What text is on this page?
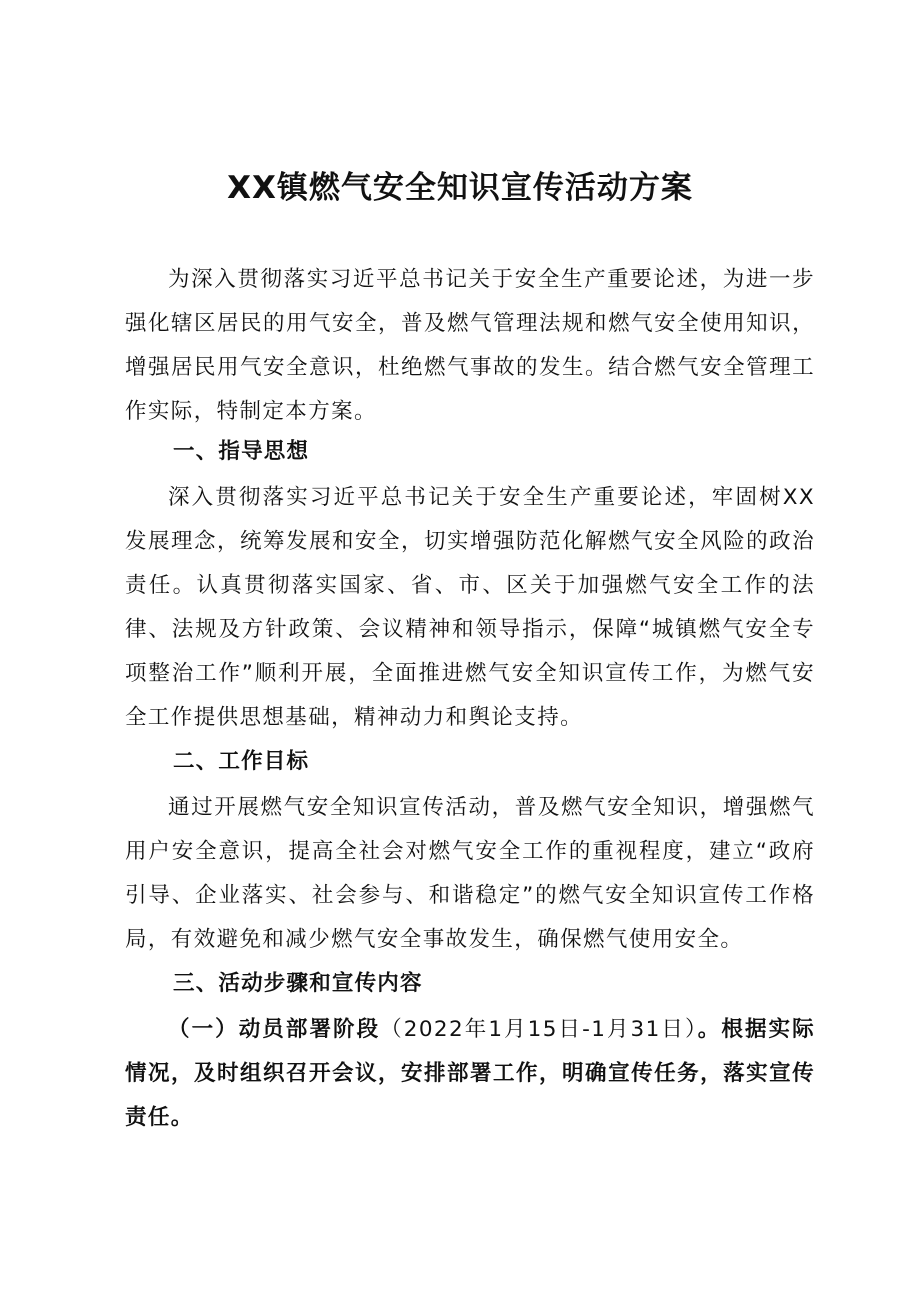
XX镇燃气安全知识宣传活动方案

为深入贯彻落实习近平总书记关于安全生产重要论述，为进一步强化辖区居民的用气安全，普及燃气管理法规和燃气安全使用知识，增强居民用气安全意识，杜绝燃气事故的发生。结合燃气安全管理工作实际，特制定本方案。

一、指导思想

深入贯彻落实习近平总书记关于安全生产重要论述，牢固树XX发展理念，统筹发展和安全，切实增强防范化解燃气安全风险的政治责任。认真贯彻落实国家、省、市、区关于加强燃气安全工作的法律、法规及方针政策、会议精神和领导指示，保障“城镇燃气安全专项整治工作”顺利开展，全面推进燃气安全知识宣传工作，为燃气安全工作提供思想基础，精神动力和舆论支持。

二、工作目标

通过开展燃气安全知识宣传活动，普及燃气安全知识，增强燃气用户安全意识，提高全社会对燃气安全工作的重视程度，建立“政府引导、企业落实、社会参与、和谐稳定”的燃气安全知识宣传工作格局，有效避免和减少燃气安全事故发生，确保燃气使用安全。

三、活动步骤和宣传内容

（一）动员部署阶段（2022年1月15日-1月31日）。根据实际情况，及时组织召开会议，安排部署工作，明确宣传任务，落实宣传责任。
